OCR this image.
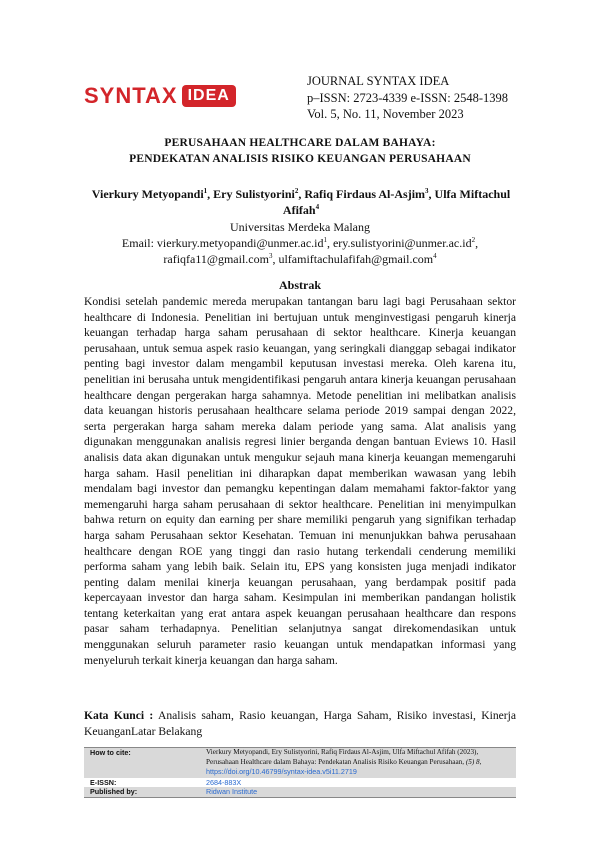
SYNTAX IDEA
JOURNAL SYNTAX IDEA
p–ISSN: 2723-4339 e-ISSN: 2548-1398
Vol. 5, No. 11, November 2023
PERUSAHAAN HEALTHCARE DALAM BAHAYA:
PENDEKATAN ANALISIS RISIKO KEUANGAN PERUSAHAAN
Vierkury Metyopandi$^1$, Ery Sulistyorini$^2$, Rafiq Firdaus Al-Asjim$^3$, Ulfa Miftachul Afifah$^4$
Universitas Merdeka Malang
Email: $vierkury.metyopandi@unmer.ac.id^1$, $ery.sulistyorini@unmer.ac.id^2$,
rafiqfa11@gmail.com$^3$, ulfamiftachulafifah@gmail.com$^4$
Abstrak
Kondisi setelah pandemic mereda merupakan tantangan baru lagi bagi Perusahaan sektor healthcare di Indonesia. Penelitian ini bertujuan untuk menginvestigasi pengaruh kinerja keuangan terhadap harga saham perusahaan di sektor healthcare. Kinerja keuangan perusahaan, untuk semua aspek rasio keuangan, yang seringkali dianggap sebagai indikator penting bagi investor dalam mengambil keputusan investasi mereka. Oleh karena itu, penelitian ini berusaha untuk mengidentifikasi pengaruh antara kinerja keuangan perusahaan healthcare dengan pergerakan harga sahamnya. Metode penelitian ini melibatkan analisis data keuangan historis perusahaan healthcare selama periode 2019 sampai dengan 2022, serta pergerakan harga saham mereka dalam periode yang sama. Alat analisis yang digunakan menggunakan analisis regresi linier berganda dengan bantuan Eviews 10. Hasil analisis data akan digunakan untuk mengukur sejauh mana kinerja keuangan memengaruhi harga saham. Hasil penelitian ini diharapkan dapat memberikan wawasan yang lebih mendalam bagi investor dan pemangku kepentingan dalam memahami faktor-faktor yang memengaruhi harga saham perusahaan di sektor healthcare. Penelitian ini menyimpulkan bahwa return on equity dan earning per share memiliki pengaruh yang signifikan terhadap harga saham Perusahaan sektor Kesehatan. Temuan ini menunjukkan bahwa perusahaan healthcare dengan ROE yang tinggi dan rasio hutang terkendali cenderung memiliki performa saham yang lebih baik. Selain itu, EPS yang konsisten juga menjadi indikator penting dalam menilai kinerja keuangan perusahaan, yang berdampak positif pada kepercayaan investor dan harga saham. Kesimpulan ini memberikan pandangan holistik tentang keterkaitan yang erat antara aspek keuangan perusahaan healthcare dan respons pasar saham terhadapnya. Penelitian selanjutnya sangat direkomendasikan untuk menggunakan seluruh parameter rasio keuangan untuk mendapatkan informasi yang menyeluruh terkait kinerja keuangan dan harga saham.
Kata Kunci : Analisis saham, Rasio keuangan, Harga Saham, Risiko investasi, Kinerja KeuanganLatar Belakang
How to cite:	Vierkury Metyopandi, Ery Sulistyorini, Rafiq Firdaus Al-Asjim, Ulfa Miftachul Afifah (2023), Perusahaan Healthcare dalam Bahaya: Pendekatan Analisis Risiko Keuangan Perusahaan, (5) 8,
https://doi.org/10.46799/syntax-idea.v5i11.2719
E-ISSN:	2684-883X
Published by:	Ridwan Institute
